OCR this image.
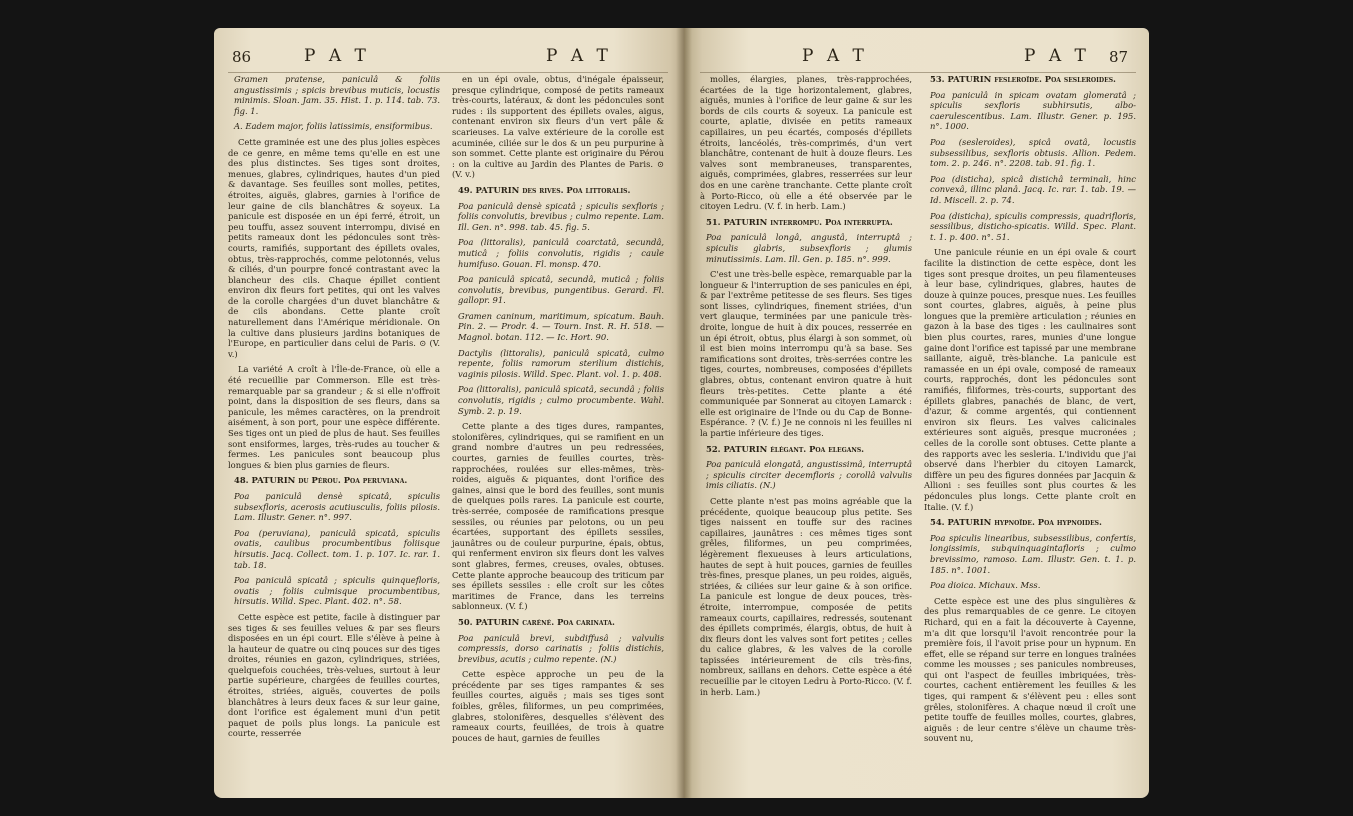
86	P A T	P A T

Gramen pratense, paniculâ & foliis angustissimis ; spicis brevibus muticis, locustis minimis. Sloan. Jam. 35. Hist. 1. p. 114. tab. 73. fig. 1.

A. Eadem major, foliis latissimis, ensiformibus.

Cette graminée est une des plus jolies espèces de ce genre, en même tems qu'elle en est une des plus distinctes. Ses tiges sont droites, menues, glabres, cylindriques, hautes d'un pied & davantage. Ses feuilles sont molles, petites, étroites, aiguës, glabres, garnies à l'orifice de leur gaine de cils blanchâtres & soyeux. La panicule est disposée en un épi ferré, étroit, un peu touffu, assez souvent interrompu, divisé en petits rameaux dont les pédoncules sont très-courts, ramifiés, supportant des épillets ovales, obtus, très-rapprochés, comme pelotonnés, velus & ciliés, d'un pourpre foncé contrastant avec la blancheur des cils. Chaque épillet contient environ dix fleurs fort petites, qui ont les valves de la corolle chargées d'un duvet blanchâtre & de cils abondans. Cette plante croît naturellement dans l'Amérique méridionale. On la cultive dans plusieurs jardins botaniques de l'Europe, en particulier dans celui de Paris. ⊙ (V. v.)

La variété A croît à l'Île-de-France, où elle a été recueillie par Commerson. Elle est très-remarquable par sa grandeur ; & si elle n'offroit point, dans la disposition de ses fleurs, dans sa panicule, les mêmes caractères, on la prendroit aisément, à son port, pour une espèce différente. Ses tiges ont un pied de plus de haut. Ses feuilles sont ensiformes, larges, très-rudes au toucher & fermes. Les panicules sont beaucoup plus longues & bien plus garnies de fleurs.

48. PATURIN du Pérou. Poa peruviana.

Poa paniculâ densè spicatâ, spiculis subsexfloris, acerosis acutiusculis, foliis pilosis. Lam. Illustr. Gener. n°. 997.

Poa (peruviana), paniculâ spicatâ, spiculis ovatis, caulibus procumbentibus foliisque hirsutis. Jacq. Collect. tom. 1. p. 107. Ic. rar. 1. tab. 18.

Poa paniculâ spicatâ ; spiculis quinquefloris, ovatis ; foliis culmisque procumbentibus, hirsutis. Willd. Spec. Plant. 402. n°. 58.

Cette espèce est petite, facile à distinguer par ses tiges & ses feuilles velues & par ses fleurs disposées en un épi court. Elle s'élève à peine à la hauteur de quatre ou cinq pouces sur des tiges droites, réunies en gazon, cylindriques, striées, quelquefois couchées, très-velues, surtout à leur partie supérieure, chargées de feuilles courtes, étroites, striées, aiguës, couvertes de poils blanchâtres à leurs deux faces & sur leur gaine, dont l'orifice est également muni d'un petit paquet de poils plus longs. La panicule est courte, resserrée

en un épi ovale, obtus, d'inégale épaisseur, presque cylindrique, composé de petits rameaux très-courts, latéraux, & dont les pédoncules sont rudes : ils supportent des épillets ovales, aigus, contenant environ six fleurs d'un vert pâle & scarieuses. La valve extérieure de la corolle est acuminée, ciliée sur le dos & un peu purpurine à son sommet. Cette plante est originaire du Pérou : on la cultive au Jardin des Plantes de Paris. ⊙ (V. v.)

49. PATURIN des rives. Poa littoralis.

Poa paniculâ densè spicatâ ; spiculis sexfloris ; foliis convolutis, brevibus ; culmo repente. Lam. Ill. Gen. n°. 998. tab. 45. fig. 5.

Poa (littoralis), paniculâ coarctatâ, secundâ, muticâ ; foliis convolutis, rigidis ; caule humifuso. Gouan. Fl. monsp. 470.

Poa paniculâ spicatâ, secundâ, muticâ ; foliis convolutis, brevibus, pungentibus. Gerard. Fl. gallopr. 91.

Gramen caninum, maritimum, spicatum. Bauh. Pin. 2. — Prodr. 4. — Tourn. Inst. R. H. 518. — Magnol. botan. 112. — Ic. Hort. 90.

Dactylis (littoralis), paniculâ spicatâ, culmo repente, foliis ramorum sterilium distichis, vaginis pilosis. Willd. Spec. Plant. vol. 1. p. 408.

Poa (littoralis), paniculâ spicatâ, secundâ ; foliis convolutis, rigidis ; culmo procumbente. Wahl. Symb. 2. p. 19.

Cette plante a des tiges dures, rampantes, stolonifères, cylindriques, qui se ramifient en un grand nombre d'autres un peu redressées, courtes, garnies de feuilles courtes, très-rapprochées, roulées sur elles-mêmes, très-roides, aiguës & piquantes, dont l'orifice des gaines, ainsi que le bord des feuilles, sont munis de quelques poils rares. La panicule est courte, très-serrée, composée de ramifications presque sessiles, ou réunies par pelotons, ou un peu écartées, supportant des épillets sessiles, jaunâtres ou de couleur purpurine, épais, obtus, qui renferment environ six fleurs dont les valves sont glabres, fermes, creuses, ovales, obtuses. Cette plante approche beaucoup des triticum par ses épillets sessiles : elle croît sur les côtes maritimes de France, dans les terreins sablonneux. (V. f.)

50. PATURIN caréné. Poa carinata.

Poa paniculâ brevi, subdiffusâ ; valvulis compressis, dorso carinatis ; foliis distichis, brevibus, acutis ; culmo repente. (N.)

Cette espèce approche un peu de la précédente par ses tiges rampantes & ses feuilles courtes, aiguës ; mais ses tiges sont foibles, grêles, filiformes, un peu comprimées, glabres, stolonifères, desquelles s'élèvent des rameaux courts, feuillées, de trois à quatre pouces de haut, garnies de feuilles

P A T	P A T 87

molles, élargies, planes, très-rapprochées, écartées de la tige horizontalement, glabres, aiguës, munies à l'orifice de leur gaine & sur les bords de cils courts & soyeux. La panicule est courte, aplatie, divisée en petits rameaux capillaires, un peu écartés, composés d'épillets étroits, lancéolés, très-comprimés, d'un vert blanchâtre, contenant de huit à douze fleurs. Les valves sont membraneuses, transparentes, aiguës, comprimées, glabres, resserrées sur leur dos en une carène tranchante. Cette plante croît à Porto-Ricco, où elle a été observée par le citoyen Ledru. (V. f. in herb. Lam.)

51. PATURIN interrompu. Poa interrupta.

Poa paniculâ longâ, angustâ, interruptâ ; spiculis glabris, subsexfloris ; glumis minutissimis. Lam. Ill. Gen. p. 185. n°. 999.

C'est une très-belle espèce, remarquable par la longueur & l'interruption de ses panicules en épi, & par l'extrême petitesse de ses fleurs. Ses tiges sont lisses, cylindriques, finement striées, d'un vert glauque, terminées par une panicule très-droite, longue de huit à dix pouces, resserrée en un épi étroit, obtus, plus élargi à son sommet, où il est bien moins interrompu qu'à sa base. Ses ramifications sont droites, très-serrées contre les tiges, courtes, nombreuses, composées d'épillets glabres, obtus, contenant environ quatre à huit fleurs très-petites. Cette plante a été communiquée par Sonnerat au citoyen Lamarck : elle est originaire de l'Inde ou du Cap de Bonne-Espérance. ? (V. f.) Je ne connois ni les feuilles ni la partie inférieure des tiges.

52. PATURIN élégant. Poa elegans.

Poa paniculâ elongatâ, angustissimâ, interruptâ ; spiculis circiter decemfloris ; corollâ valvulis imis ciliatis. (N.)

Cette plante n'est pas moins agréable que la précédente, quoique beaucoup plus petite. Ses tiges naissent en touffe sur des racines capillaires, jaunâtres : ces mêmes tiges sont grêles, filiformes, un peu comprimées, légèrement flexueuses à leurs articulations, hautes de sept à huit pouces, garnies de feuilles très-fines, presque planes, un peu roides, aiguës, striées, & ciliées sur leur gaine & à son orifice. La panicule est longue de deux pouces, très-étroite, interrompue, composée de petits rameaux courts, capillaires, redressés, soutenant des épillets comprimés, élargis, obtus, de huit à dix fleurs dont les valves sont fort petites ; celles du calice glabres, & les valves de la corolle tapissées intérieurement de cils très-fins, nombreux, saillans en dehors. Cette espèce a été recueillie par le citoyen Ledru à Porto-Ricco. (V. f. in herb. Lam.)

53. PATURIN fesleroïde. Poa sesleroides.

Poa paniculâ in spicam ovatam glomeratâ ; spiculis sexfloris subhirsutis, albo-caerulescentibus. Lam. Illustr. Gener. p. 195. n°. 1000.

Poa (sesleroides), spicâ ovatâ, locustis subsessilibus, sexfloris obtusis. Allion. Pedem. tom. 2. p. 246. n°. 2208. tab. 91. fig. 1.

Poa (disticha), spicâ distichâ terminali, hinc convexâ, illinc planâ. Jacq. Ic. rar. 1. tab. 19. — Id. Miscell. 2. p. 74.

Poa (disticha), spiculis compressis, quadrifloris, sessilibus, disticho-spicatis. Willd. Spec. Plant. t. 1. p. 400. n°. 51.

Une panicule réunie en un épi ovale & court facilite la distinction de cette espèce, dont les tiges sont presque droites, un peu filamenteuses à leur base, cylindriques, glabres, hautes de douze à quinze pouces, presque nues. Les feuilles sont courtes, glabres, aiguës, à peine plus longues que la première articulation ; réunies en gazon à la base des tiges : les caulinaires sont bien plus courtes, rares, munies d'une longue gaine dont l'orifice est tapissé par une membrane saillante, aiguë, très-blanche. La panicule est ramassée en un épi ovale, composé de rameaux courts, rapprochés, dont les pédoncules sont ramifiés, filiformes, très-courts, supportant des épillets glabres, panachés de blanc, de vert, d'azur, & comme argentés, qui contiennent environ six fleurs. Les valves calicinales extérieures sont aiguës, presque mucronées ; celles de la corolle sont obtuses. Cette plante a des rapports avec les sesleria. L'individu que j'ai observé dans l'herbier du citoyen Lamarck, diffère un peu des figures données par Jacquin & Allioni : ses feuilles sont plus courtes & les pédoncules plus longs. Cette plante croît en Italie. (V. f.)

54. PATURIN hypnoïde. Poa hypnoides.

Poa spiculis linearibus, subsessilibus, confertis, longissimis, subquinquagintafloris ; culmo brevissimo, ramoso. Lam. Illustr. Gen. t. 1. p. 185. n°. 1001.

Poa dioica. Michaux. Mss.

Cette espèce est une des plus singulières & des plus remarquables de ce genre. Le citoyen Richard, qui en a fait la découverte à Cayenne, m'a dit que lorsqu'il l'avoit rencontrée pour la première fois, il l'avoit prise pour un hypnum. En effet, elle se répand sur terre en longues traînées comme les mousses ; ses panicules nombreuses, qui ont l'aspect de feuilles imbriquées, très-courtes, cachent entièrement les feuilles & les tiges, qui rampent & s'élèvent peu : elles sont grêles, stolonifères. A chaque nœud il croît une petite touffe de feuilles molles, courtes, glabres, aiguës : de leur centre s'élève un chaume très-souvent nu,
